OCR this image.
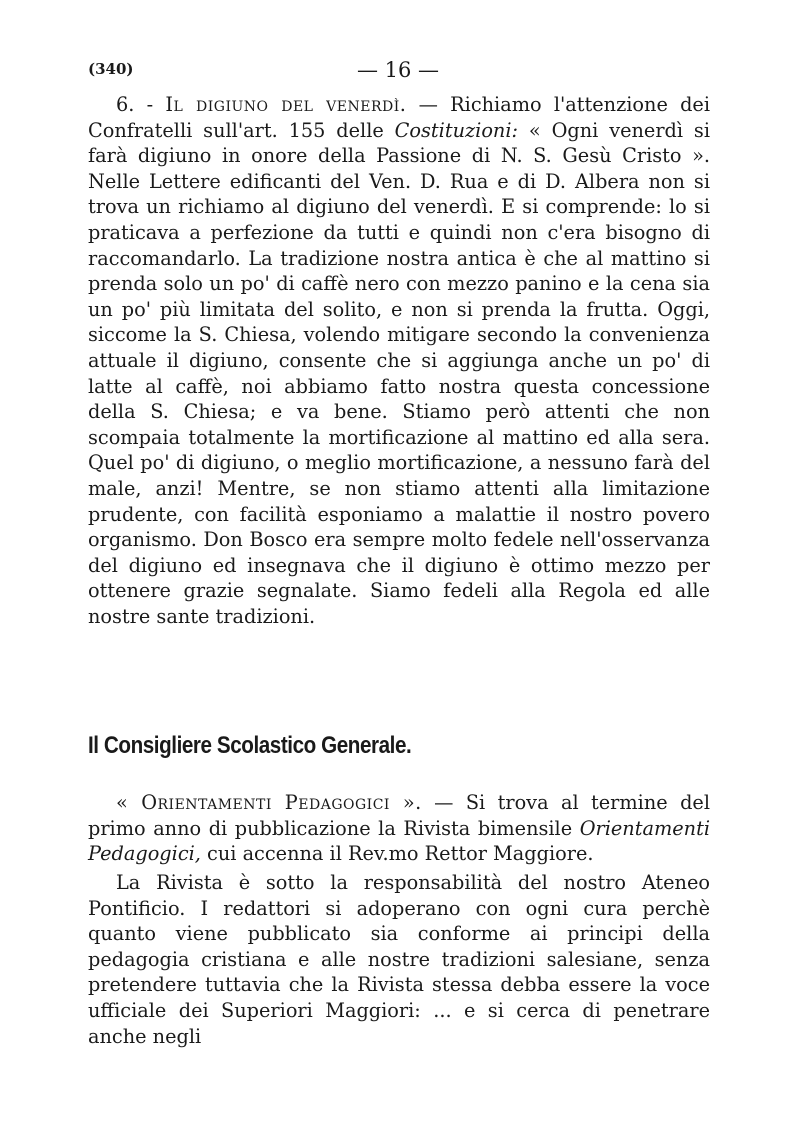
(340)	— 16 —

6. - Il digiuno del venerdì. — Richiamo l'attenzione dei Confratelli sull'art. 155 delle Costituzioni: « Ogni venerdì si farà digiuno in onore della Passione di N. S. Gesù Cristo ». Nelle Lettere edificanti del Ven. D. Rua e di D. Albera non si trova un richiamo al digiuno del venerdì. E si comprende: lo si praticava a perfezione da tutti e quindi non c'era bisogno di raccomandarlo. La tradizione nostra antica è che al mattino si prenda solo un po' di caffè nero con mezzo panino e la cena sia un po' più limitata del solito, e non si prenda la frutta. Oggi, siccome la S. Chiesa, volendo mitigare secondo la convenienza attuale il digiuno, consente che si aggiunga anche un po' di latte al caffè, noi abbiamo fatto nostra questa concessione della S. Chiesa; e va bene. Stiamo però attenti che non scompaia totalmente la mortificazione al mattino ed alla sera. Quel po' di digiuno, o meglio mortificazione, a nessuno farà del male, anzi! Mentre, se non stiamo attenti alla limitazione prudente, con facilità esponiamo a malattie il nostro povero organismo. Don Bosco era sempre molto fedele nell'osservanza del digiuno ed insegnava che il digiuno è ottimo mezzo per ottenere grazie segnalate. Siamo fedeli alla Regola ed alle nostre sante tradizioni.

Il Consigliere Scolastico Generale.

« Orientamenti Pedagogici ». — Si trova al termine del primo anno di pubblicazione la Rivista bimensile Orientamenti Pedagogici, cui accenna il Rev.mo Rettor Maggiore.

La Rivista è sotto la responsabilità del nostro Ateneo Pontificio. I redattori si adoperano con ogni cura perchè quanto viene pubblicato sia conforme ai principi della pedagogia cristiana e alle nostre tradizioni salesiane, senza pretendere tuttavia che la Rivista stessa debba essere la voce ufficiale dei Superiori Maggiori: ... e si cerca di penetrare anche negli
